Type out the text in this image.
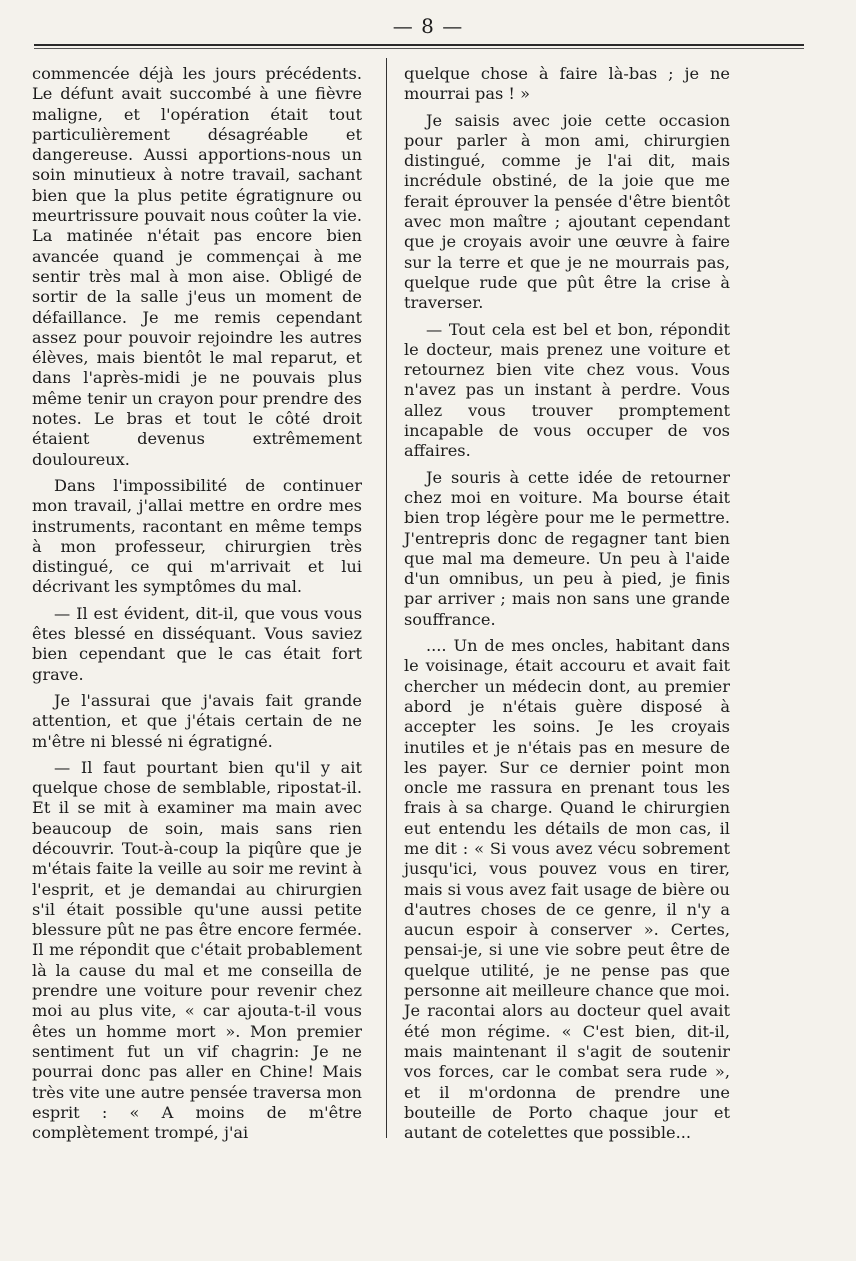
— 8 —

commencée déjà les jours précédents. Le défunt avait succombé à une fièvre maligne, et l'opération était tout particulièrement désagréable et dangereuse. Aussi apportions-nous un soin minutieux à notre travail, sachant bien que la plus petite égratignure ou meurtrissure pouvait nous coûter la vie. La matinée n'était pas encore bien avancée quand je commençai à me sentir très mal à mon aise. Obligé de sortir de la salle j'eus un moment de défaillance. Je me remis cependant assez pour pouvoir rejoindre les autres élèves, mais bientôt le mal reparut, et dans l'après-midi je ne pouvais plus même tenir un crayon pour prendre des notes. Le bras et tout le côté droit étaient devenus extrêmement douloureux.

Dans l'impossibilité de continuer mon travail, j'allai mettre en ordre mes instruments, racontant en même temps à mon professeur, chirurgien très distingué, ce qui m'arrivait et lui décrivant les symptômes du mal.

— Il est évident, dit-il, que vous vous êtes blessé en disséquant. Vous saviez bien cependant que le cas était fort grave.

Je l'assurai que j'avais fait grande attention, et que j'étais certain de ne m'être ni blessé ni égratigné.

— Il faut pourtant bien qu'il y ait quelque chose de semblable, ripostat-il. Et il se mit à examiner ma main avec beaucoup de soin, mais sans rien découvrir. Tout-à-coup la piqûre que je m'étais faite la veille au soir me revint à l'esprit, et je demandai au chirurgien s'il était possible qu'une aussi petite blessure pût ne pas être encore fermée. Il me répondit que c'était probablement là la cause du mal et me conseilla de prendre une voiture pour revenir chez moi au plus vite, « car ajouta-t-il vous êtes un homme mort ». Mon premier sentiment fut un vif chagrin: Je ne pourrai donc pas aller en Chine! Mais très vite une autre pensée traversa mon esprit : « A moins de m'être complètement trompé, j'ai

quelque chose à faire là-bas ; je ne mourrai pas ! »

Je saisis avec joie cette occasion pour parler à mon ami, chirurgien distingué, comme je l'ai dit, mais incrédule obstiné, de la joie que me ferait éprouver la pensée d'être bientôt avec mon maître ; ajoutant cependant que je croyais avoir une œuvre à faire sur la terre et que je ne mourrais pas, quelque rude que pût être la crise à traverser.

— Tout cela est bel et bon, répondit le docteur, mais prenez une voiture et retournez bien vite chez vous. Vous n'avez pas un instant à perdre. Vous allez vous trouver promptement incapable de vous occuper de vos affaires.

Je souris à cette idée de retourner chez moi en voiture. Ma bourse était bien trop légère pour me le permettre. J'entrepris donc de regagner tant bien que mal ma demeure. Un peu à l'aide d'un omnibus, un peu à pied, je finis par arriver ; mais non sans une grande souffrance.

.... Un de mes oncles, habitant dans le voisinage, était accouru et avait fait chercher un médecin dont, au premier abord je n'étais guère disposé à accepter les soins. Je les croyais inutiles et je n'étais pas en mesure de les payer. Sur ce dernier point mon oncle me rassura en prenant tous les frais à sa charge. Quand le chirurgien eut entendu les détails de mon cas, il me dit : « Si vous avez vécu sobrement jusqu'ici, vous pouvez vous en tirer, mais si vous avez fait usage de bière ou d'autres choses de ce genre, il n'y a aucun espoir à conserver ». Certes, pensai-je, si une vie sobre peut être de quelque utilité, je ne pense pas que personne ait meilleure chance que moi. Je racontai alors au docteur quel avait été mon régime. « C'est bien, dit-il, mais maintenant il s'agit de soutenir vos forces, car le combat sera rude », et il m'ordonna de prendre une bouteille de Porto chaque jour et autant de cotelettes que possible...
